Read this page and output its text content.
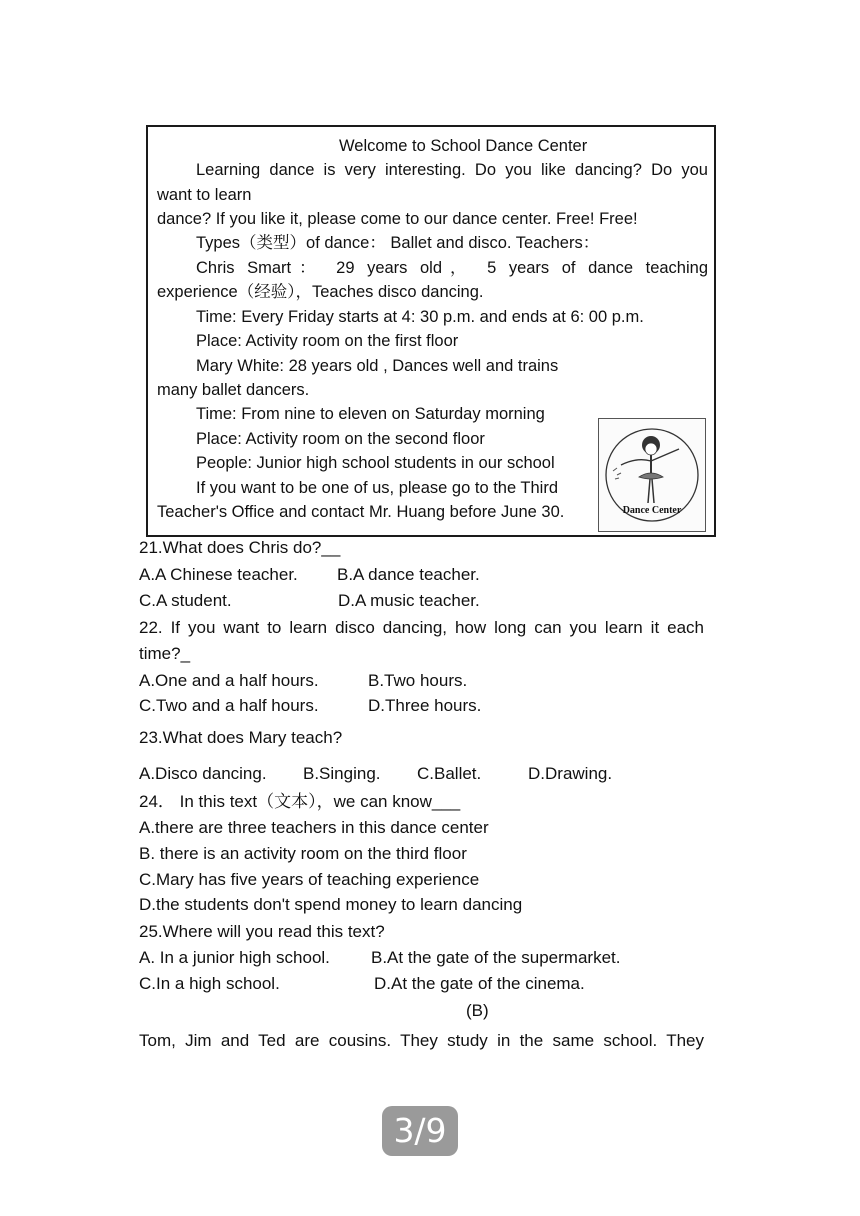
Welcome to School Dance Center
Learning dance is very interesting. Do you like dancing? Do you
want to learn
dance? If you like it, please come to our dance center. Free! Free!
Types（类型）of dance： Ballet and disco. Teachers：
Chris Smart： 29 years old， 5 years of dance teaching
experience（经验），Teaches disco dancing.
Time: Every Friday starts at 4: 30 p.m. and ends at 6: 00 p.m.
Place: Activity room on the first floor
Mary White: 28 years old , Dances well and trains
many ballet dancers.
Time: From nine to eleven on Saturday morning
Place: Activity room on the second floor
People: Junior high school students in our school
If you want to be one of us, please go to the Third
Teacher's Office and contact Mr. Huang before June 30.	Dance Center
21.What does Chris do?__
A.A Chinese teacher. B.A dance teacher.
C.A student.	D.A music teacher.
22. If you want to learn disco dancing, how long can you learn it each
time?_
A.One and a half hours.	B.Two hours.
C.Two and a half hours.	D.Three hours.
23.What does Mary teach?
A.Disco dancing. B.Singing. C.Ballet.	D.Drawing.
24． In this text（文本），we can know___
A.there are three teachers in this dance center
B. there is an activity room on the third floor
C.Mary has five years of teaching experience
D.the students don't spend money to learn dancing
25.Where will you read this text?
A. In a junior high school. B.At the gate of the supermarket.
C.In a high school.	D.At the gate of the cinema.
(B)
Tom, Jim and Ted are cousins. They study in the same school. They
3/9
